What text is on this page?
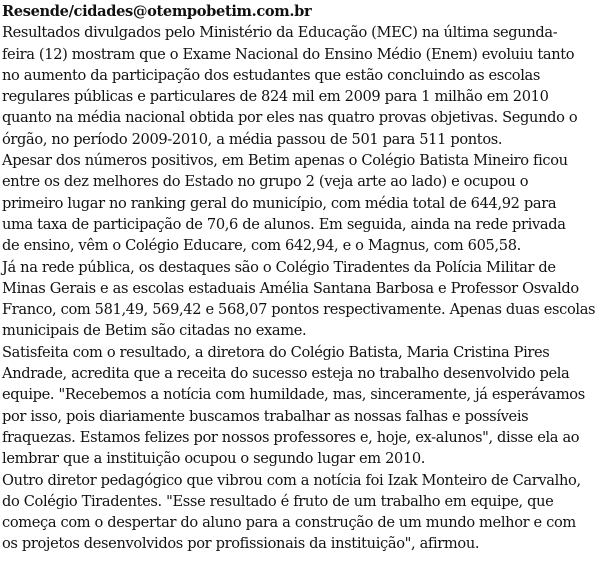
Resende/cidades@otempobetim.com.br
Resultados divulgados pelo Ministério da Educação (MEC) na última segunda-
feira (12) mostram que o Exame Nacional do Ensino Médio (Enem) evoluiu tanto
no aumento da participação dos estudantes que estão concluindo as escolas
regulares públicas e particulares de 824 mil em 2009 para 1 milhão em 2010
quanto na média nacional obtida por eles nas quatro provas objetivas. Segundo o
órgão, no período 2009-2010, a média passou de 501 para 511 pontos.
Apesar dos números positivos, em Betim apenas o Colégio Batista Mineiro ficou
entre os dez melhores do Estado no grupo 2 (veja arte ao lado) e ocupou o
primeiro lugar no ranking geral do município, com média total de 644,92 para
uma taxa de participação de 70,6 de alunos. Em seguida, ainda na rede privada
de ensino, vêm o Colégio Educare, com 642,94, e o Magnus, com 605,58.
Já na rede pública, os destaques são o Colégio Tiradentes da Polícia Militar de
Minas Gerais e as escolas estaduais Amélia Santana Barbosa e Professor Osvaldo
Franco, com 581,49, 569,42 e 568,07 pontos respectivamente. Apenas duas escolas
municipais de Betim são citadas no exame.
Satisfeita com o resultado, a diretora do Colégio Batista, Maria Cristina Pires
Andrade, acredita que a receita do sucesso esteja no trabalho desenvolvido pela
equipe. "Recebemos a notícia com humildade, mas, sinceramente, já esperávamos
por isso, pois diariamente buscamos trabalhar as nossas falhas e possíveis
fraquezas. Estamos felizes por nossos professores e, hoje, ex-alunos", disse ela ao
lembrar que a instituição ocupou o segundo lugar em 2010.
Outro diretor pedagógico que vibrou com a notícia foi Izak Monteiro de Carvalho,
do Colégio Tiradentes. "Esse resultado é fruto de um trabalho em equipe, que
começa com o despertar do aluno para a construção de um mundo melhor e com
os projetos desenvolvidos por profissionais da instituição", afirmou.
